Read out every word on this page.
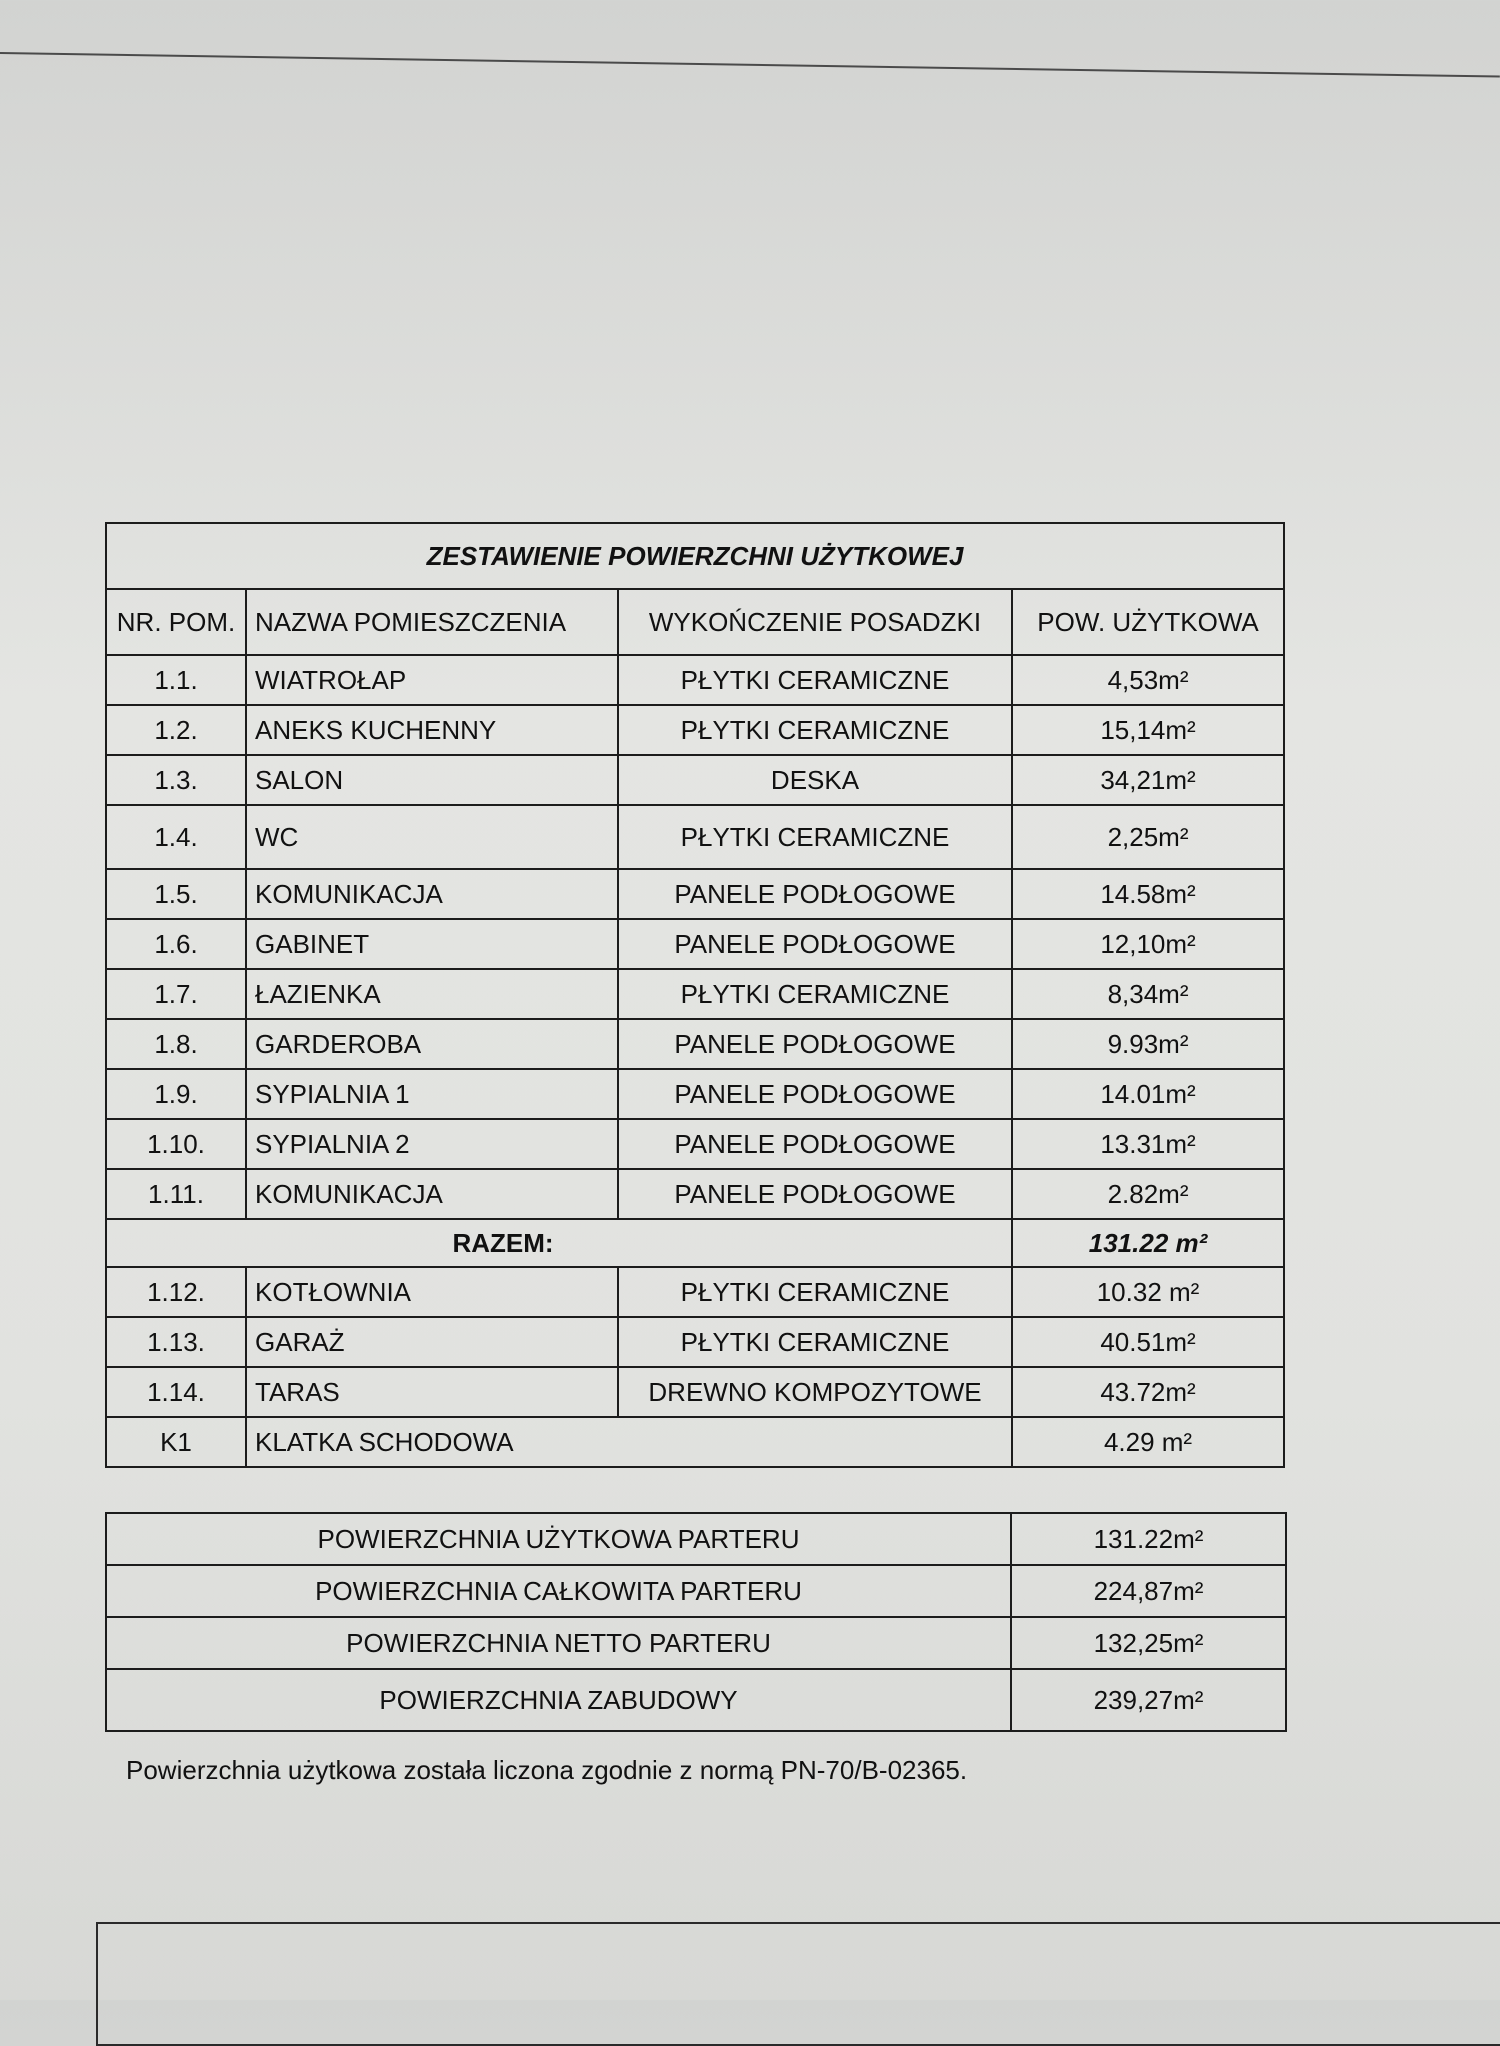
ZESTAWIENIE POWIERZCHNI UŻYTKOWEJ			
NR. POM.	NAZWA POMIESZCZENIA	WYKOŃCZENIE POSADZKI	POW. UŻYTKOWA
1.1.	WIATROŁAP	PŁYTKI CERAMICZNE	4,53m²
1.2.	ANEKS KUCHENNY	PŁYTKI CERAMICZNE	15,14m²
1.3.	SALON	DESKA	34,21m²
1.4.	WC	PŁYTKI CERAMICZNE	2,25m²
1.5.	KOMUNIKACJA	PANELE PODŁOGOWE	14.58m²
1.6.	GABINET	PANELE PODŁOGOWE	12,10m²
1.7.	ŁAZIENKA	PŁYTKI CERAMICZNE	8,34m²
1.8.	GARDEROBA	PANELE PODŁOGOWE	9.93m²
1.9.	SYPIALNIA 1	PANELE PODŁOGOWE	14.01m²
1.10.	SYPIALNIA 2	PANELE PODŁOGOWE	13.31m²
1.11.	KOMUNIKACJA	PANELE PODŁOGOWE	2.82m²
RAZEM:			131.22 m²
1.12.	KOTŁOWNIA	PŁYTKI CERAMICZNE	10.32 m²
1.13.	GARAŻ	PŁYTKI CERAMICZNE	40.51m²
1.14.	TARAS	DREWNO KOMPOZYTOWE	43.72m²
K1	KLATKA SCHODOWA		4.29 m²
POWIERZCHNIA UŻYTKOWA PARTERU	131.22m²
POWIERZCHNIA CAŁKOWITA PARTERU	224,87m²
POWIERZCHNIA NETTO PARTERU	132,25m²
POWIERZCHNIA ZABUDOWY	239,27m²
Powierzchnia użytkowa została liczona zgodnie z normą PN-70/B-02365.
